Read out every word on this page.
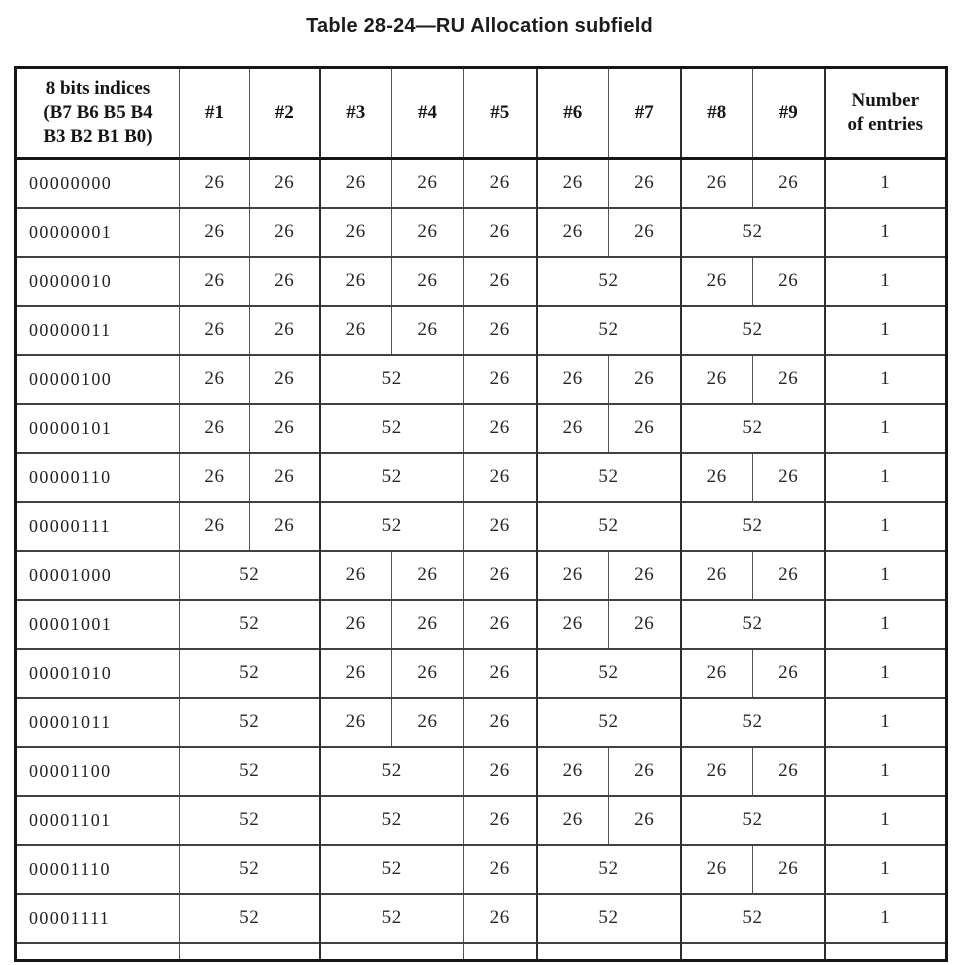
Table 28-24—RU Allocation subfield
8 bits indices
(B7 B6 B5 B4
B3 B2 B1 B0)	#1	#2	#3	#4	#5	#6	#7	#8	#9	Number
of entries

00000000	26	26	26	26	26	26	26	26	26	1
00000001	26	26	26	26	26	26	26	52		1
00000010	26	26	26	26	26	52		26	26	1
00000011	26	26	26	26	26	52		52		1
00000100	26	26	52		26	26	26	26	26	1
00000101	26	26	52		26	26	26	52		1
00000110	26	26	52		26	52		26	26	1
00000111	26	26	52		26	52		52		1
00001000	52		26	26	26	26	26	26	26	1
00001001	52		26	26	26	26	26	52		1
00001010	52		26	26	26	52		26	26	1
00001011	52		26	26	26	52		52		1
00001100	52		52		26	26	26	26	26	1
00001101	52		52		26	26	26	52		1
00001110	52		52		26	52		26	26	1
00001111	52		52		26	52		52		1
